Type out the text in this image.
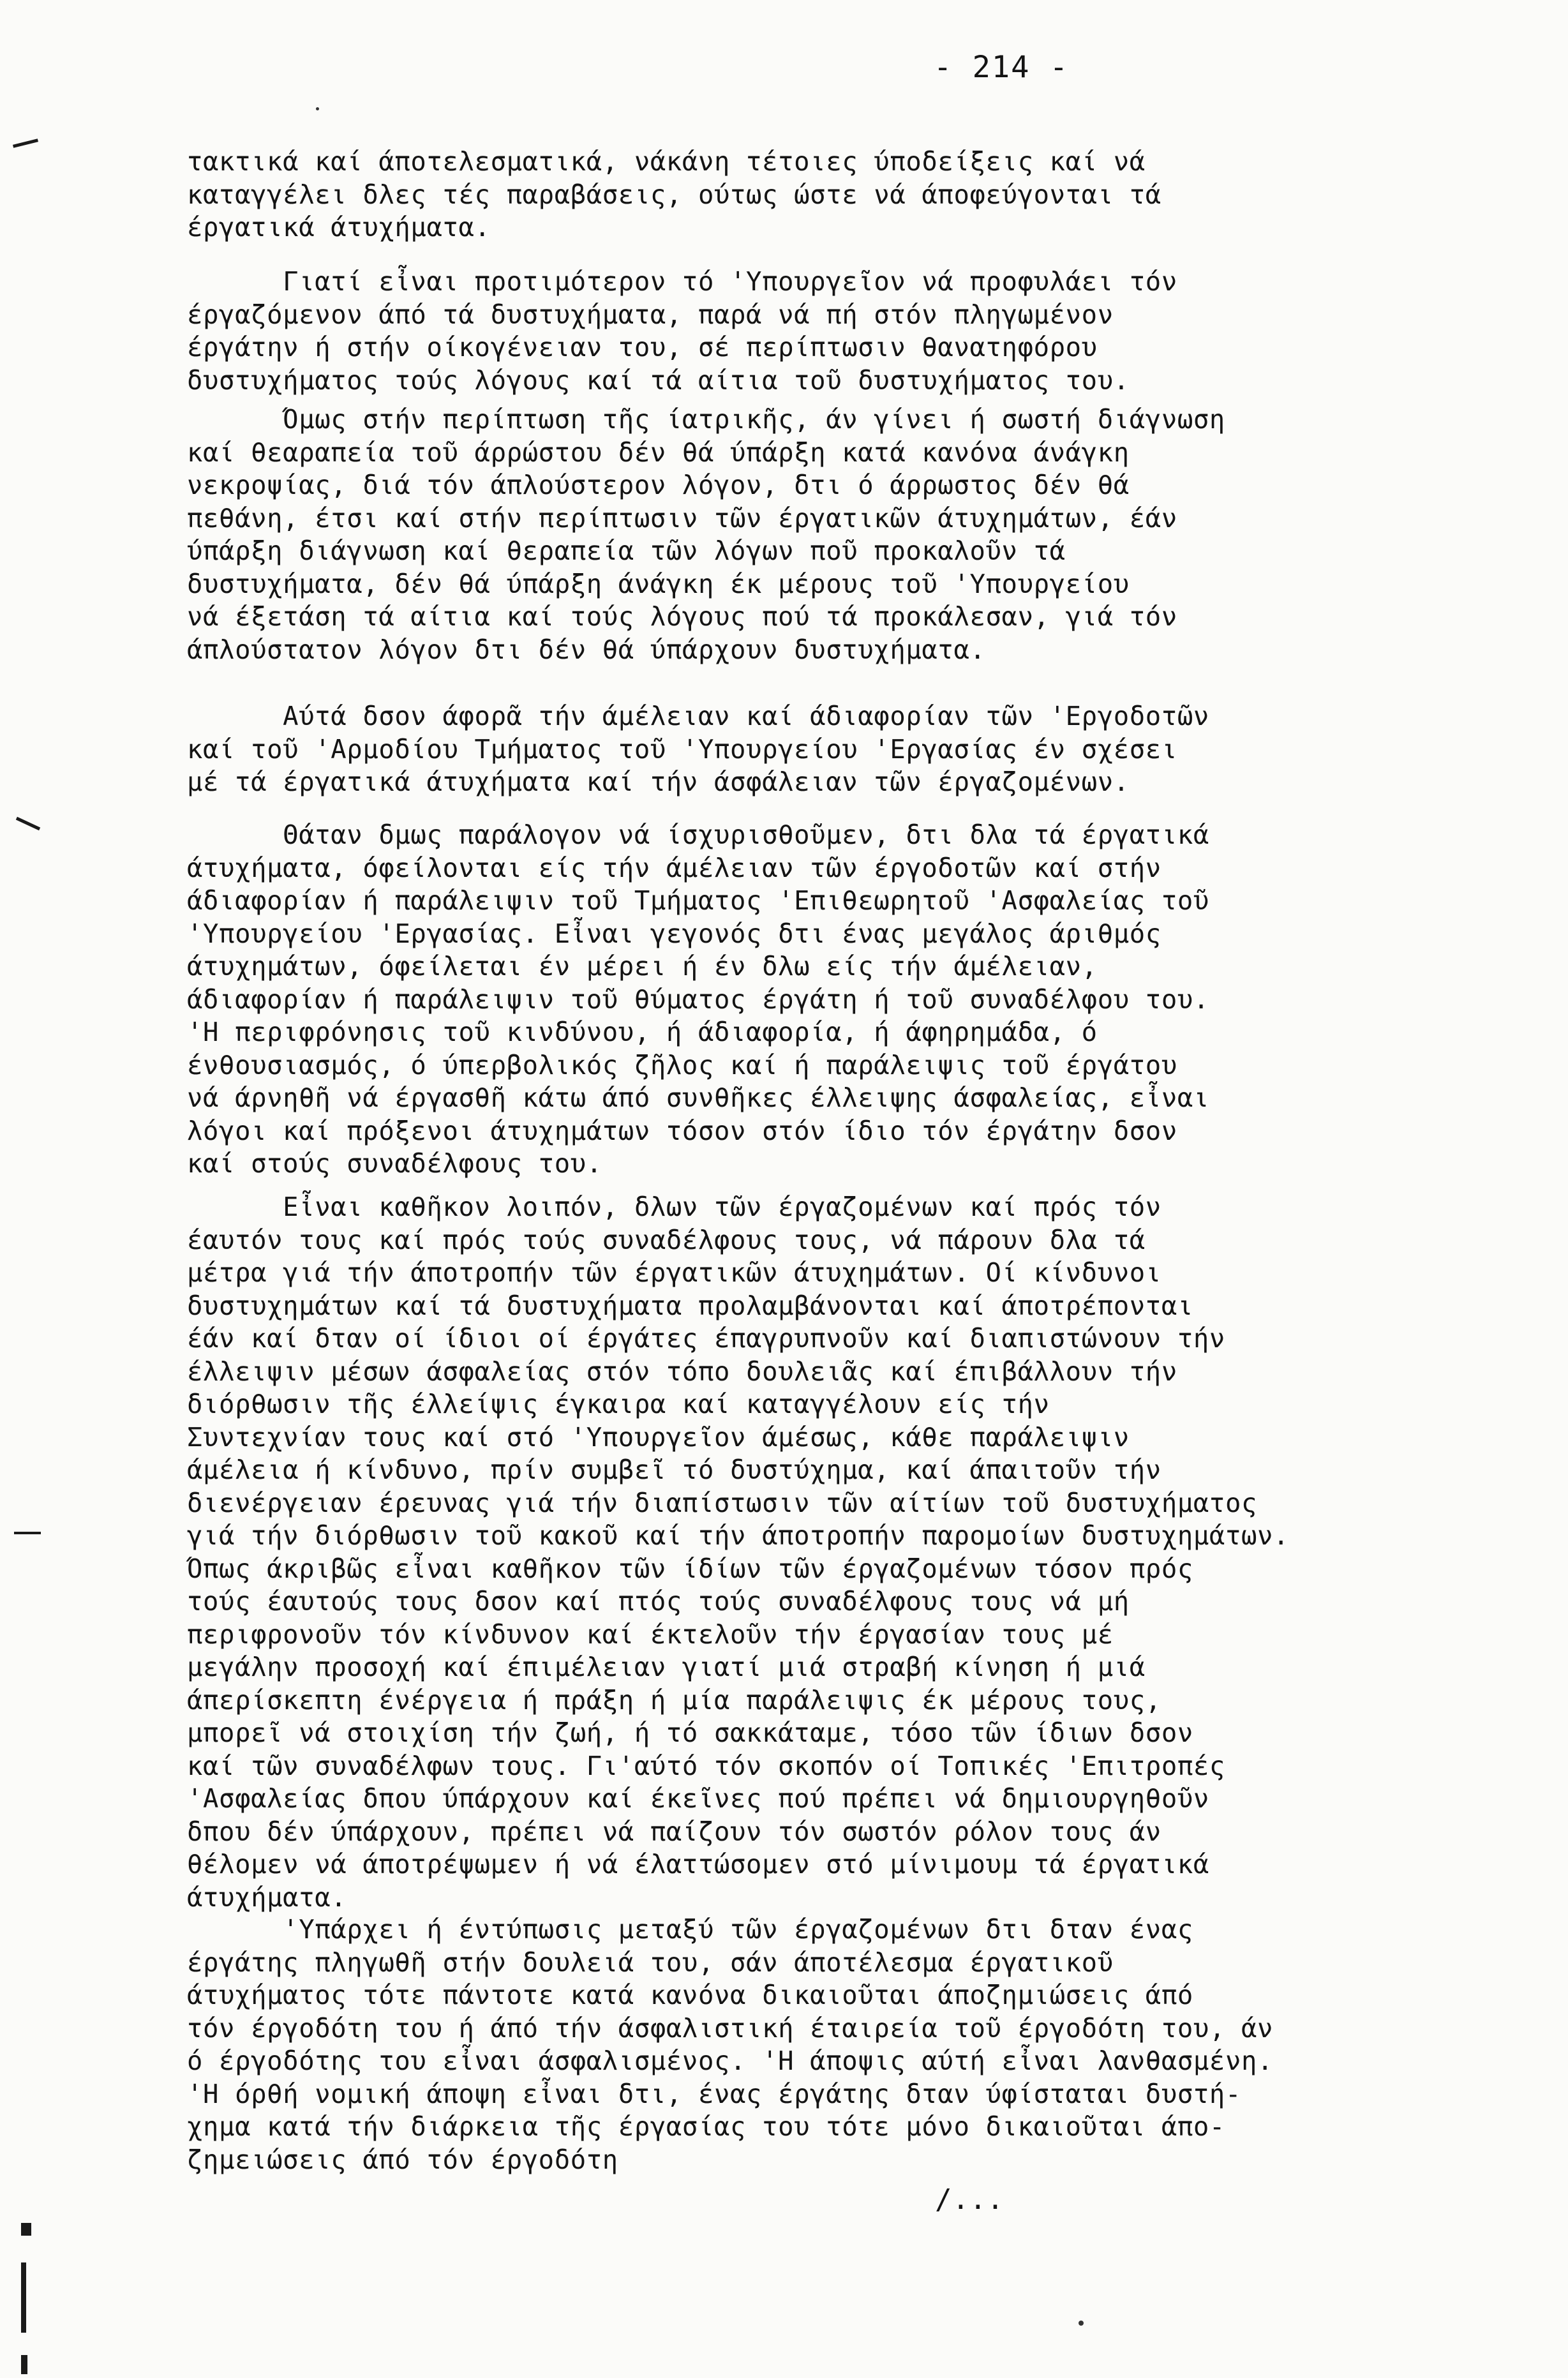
- 214 -
τακτικά καί άποτελεσματικά, νάκάνη τέτοιες ύποδείξεις καί νά
καταγγέλει δλες τές παραβάσεις, ούτως ώστε νά άποφεύγονται τά
έργατικά άτυχήματα.
Γιατί εἶναι προτιμότερον τό 'Υπουργεῖον νά προφυλάει τόν
έργαζόμενον άπό τά δυστυχήματα, παρά νά πή στόν πληγωμένον
έργάτην ή στήν οίκογένειαν του, σέ περίπτωσιν θανατηφόρου
δυστυχήματος τούς λόγους καί τά αίτια τοῦ δυστυχήματος του.
Όμως στήν περίπτωση τῆς ίατρικῆς, άν γίνει ή σωστή διάγνωση
καί θεαραπεία τοῦ άρρώστου δέν θά ύπάρξη κατά κανόνα άνάγκη
νεκροψίας, διά τόν άπλούστερον λόγον, δτι ό άρρωστος δέν θά
πεθάνη, έτσι καί στήν περίπτωσιν τῶν έργατικῶν άτυχημάτων, έάν
ύπάρξη διάγνωση καί θεραπεία τῶν λόγων ποῦ προκαλοῦν τά
δυστυχήματα, δέν θά ύπάρξη άνάγκη έκ μέρους τοῦ 'Υπουργείου
νά έξετάση τά αίτια καί τούς λόγους πού τά προκάλεσαν, γιά τόν
άπλούστατον λόγον δτι δέν θά ύπάρχουν δυστυχήματα.
Αύτά δσον άφορᾶ τήν άμέλειαν καί άδιαφορίαν τῶν 'Εργοδοτῶν
καί τοῦ 'Αρμοδίου Τμήματος τοῦ 'Υπουργείου 'Εργασίας έν σχέσει
μέ τά έργατικά άτυχήματα καί τήν άσφάλειαν τῶν έργαζομένων.
Θάταν δμως παράλογον νά ίσχυρισθοῦμεν, δτι δλα τά έργατικά
άτυχήματα, όφείλονται είς τήν άμέλειαν τῶν έργοδοτῶν καί στήν
άδιαφορίαν ή παράλειψιν τοῦ Τμήματος 'Επιθεωρητοῦ 'Ασφαλείας τοῦ
'Υπουργείου 'Εργασίας. Εἶναι γεγονός δτι ένας μεγάλος άριθμός
άτυχημάτων, όφείλεται έν μέρει ή έν δλω είς τήν άμέλειαν,
άδιαφορίαν ή παράλειψιν τοῦ θύματος έργάτη ή τοῦ συναδέλφου του.
'Η περιφρόνησις τοῦ κινδύνου, ή άδιαφορία, ή άφηρημάδα, ό
ένθουσιασμός, ό ύπερβολικός ζῆλος καί ή παράλειψις τοῦ έργάτου
νά άρνηθῆ νά έργασθῆ κάτω άπό συνθῆκες έλλειψης άσφαλείας, εἶναι
λόγοι καί πρόξενοι άτυχημάτων τόσον στόν ίδιο τόν έργάτην δσον
καί στούς συναδέλφους του.
Εἶναι καθῆκον λοιπόν, δλων τῶν έργαζομένων καί πρός τόν
έαυτόν τους καί πρός τούς συναδέλφους τους, νά πάρουν δλα τά
μέτρα γιά τήν άποτροπήν τῶν έργατικῶν άτυχημάτων. Οί κίνδυνοι
δυστυχημάτων καί τά δυστυχήματα προλαμβάνονται καί άποτρέπονται
έάν καί δταν οί ίδιοι οί έργάτες έπαγρυπνοῦν καί διαπιστώνουν τήν
έλλειψιν μέσων άσφαλείας στόν τόπο δουλειᾶς καί έπιβάλλουν τήν
διόρθωσιν τῆς έλλείψις έγκαιρα καί καταγγέλουν είς τήν
Συντεχνίαν τους καί στό 'Υπουργεῖον άμέσως, κάθε παράλειψιν
άμέλεια ή κίνδυνο, πρίν συμβεῖ τό δυστύχημα, καί άπαιτοῦν τήν
διενέργειαν έρευνας γιά τήν διαπίστωσιν τῶν αίτίων τοῦ δυστυχήματος
γιά τήν διόρθωσιν τοῦ κακοῦ καί τήν άποτροπήν παρομοίων δυστυχημάτων.
Όπως άκριβῶς εἶναι καθῆκον τῶν ίδίων τῶν έργαζομένων τόσον πρός
τούς έαυτούς τους δσον καί πτός τούς συναδέλφους τους νά μή
περιφρονοῦν τόν κίνδυνον καί έκτελοῦν τήν έργασίαν τους μέ
μεγάλην προσοχή καί έπιμέλειαν γιατί μιά στραβή κίνηση ή μιά
άπερίσκεπτη ένέργεια ή πράξη ή μία παράλειψις έκ μέρους τους,
μπορεῖ νά στοιχίση τήν ζωή, ή τό σακκάταμε, τόσο τῶν ίδιων δσον
καί τῶν συναδέλφων τους. Γι'αύτό τόν σκοπόν οί Τοπικές 'Επιτροπές
'Ασφαλείας δπου ύπάρχουν καί έκεῖνες πού πρέπει νά δημιουργηθοῦν
δπου δέν ύπάρχουν, πρέπει νά παίζουν τόν σωστόν ρόλον τους άν
θέλομεν νά άποτρέψωμεν ή νά έλαττώσομεν στό μίνιμουμ τά έργατικά
άτυχήματα.
'Υπάρχει ή έντύπωσις μεταξύ τῶν έργαζομένων δτι δταν ένας
έργάτης πληγωθῆ στήν δουλειά του, σάν άποτέλεσμα έργατικοῦ
άτυχήματος τότε πάντοτε κατά κανόνα δικαιοῦται άποζημιώσεις άπό
τόν έργοδότη του ή άπό τήν άσφαλιστική έταιρεία τοῦ έργοδότη του, άν
ό έργοδότης του εἶναι άσφαλισμένος. 'Η άποψις αύτή εἶναι λανθασμένη.
'Η όρθή νομική άποψη εἶναι δτι, ένας έργάτης δταν ύφίσταται δυστή-
χημα κατά τήν διάρκεια τῆς έργασίας του τότε μόνο δικαιοῦται άπο-
ζημειώσεις άπό τόν έργοδότη
/...
